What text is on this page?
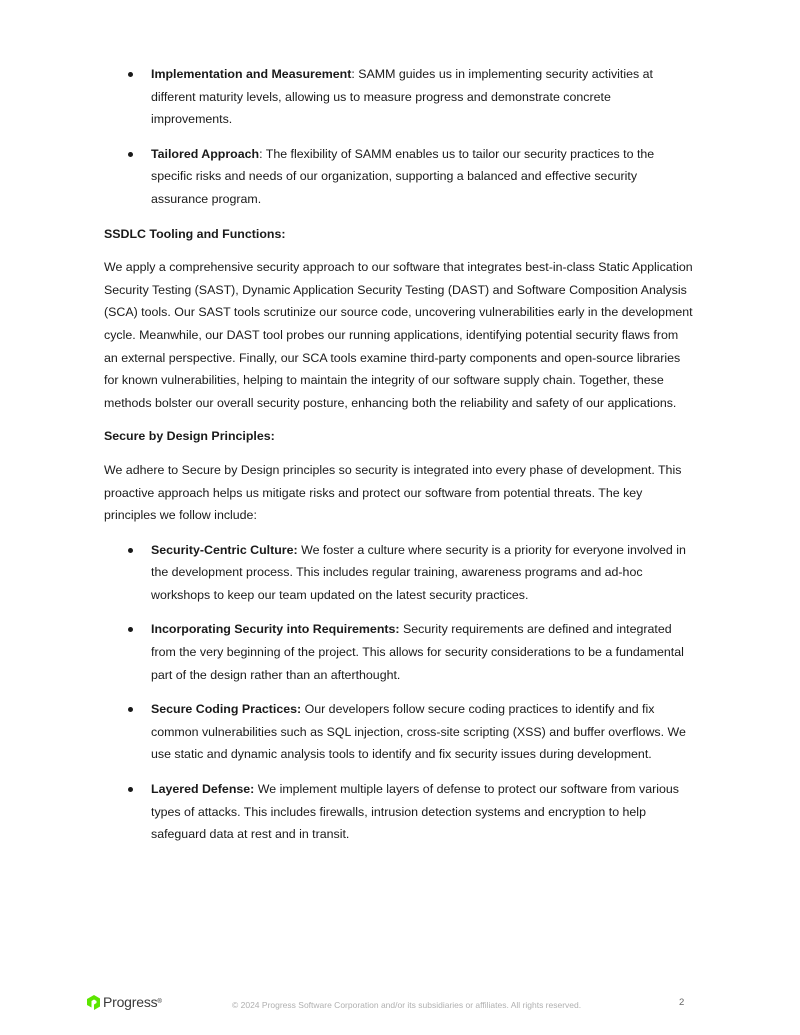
Implementation and Measurement: SAMM guides us in implementing security activities at different maturity levels, allowing us to measure progress and demonstrate concrete improvements.
Tailored Approach: The flexibility of SAMM enables us to tailor our security practices to the specific risks and needs of our organization, supporting a balanced and effective security assurance program.

SSDLC Tooling and Functions:

We apply a comprehensive security approach to our software that integrates best-in-class Static Application Security Testing (SAST), Dynamic Application Security Testing (DAST) and Software Composition Analysis (SCA) tools. Our SAST tools scrutinize our source code, uncovering vulnerabilities early in the development cycle. Meanwhile, our DAST tool probes our running applications, identifying potential security flaws from an external perspective. Finally, our SCA tools examine third-party components and open-source libraries for known vulnerabilities, helping to maintain the integrity of our software supply chain. Together, these methods bolster our overall security posture, enhancing both the reliability and safety of our applications.

Secure by Design Principles:

We adhere to Secure by Design principles so security is integrated into every phase of development. This proactive approach helps us mitigate risks and protect our software from potential threats. The key principles we follow include:

Security-Centric Culture: We foster a culture where security is a priority for everyone involved in the development process. This includes regular training, awareness programs and ad-hoc workshops to keep our team updated on the latest security practices.
Incorporating Security into Requirements: Security requirements are defined and integrated from the very beginning of the project. This allows for security considerations to be a fundamental part of the design rather than an afterthought.
Secure Coding Practices: Our developers follow secure coding practices to identify and fix common vulnerabilities such as SQL injection, cross-site scripting (XSS) and buffer overflows. We use static and dynamic analysis tools to identify and fix security issues during development.
Layered Defense: We implement multiple layers of defense to protect our software from various types of attacks. This includes firewalls, intrusion detection systems and encryption to help safeguard data at rest and in transit.
Progress ®	© 2024 Progress Software Corporation and/or its subsidiaries or affiliates. All rights reserved.	2
